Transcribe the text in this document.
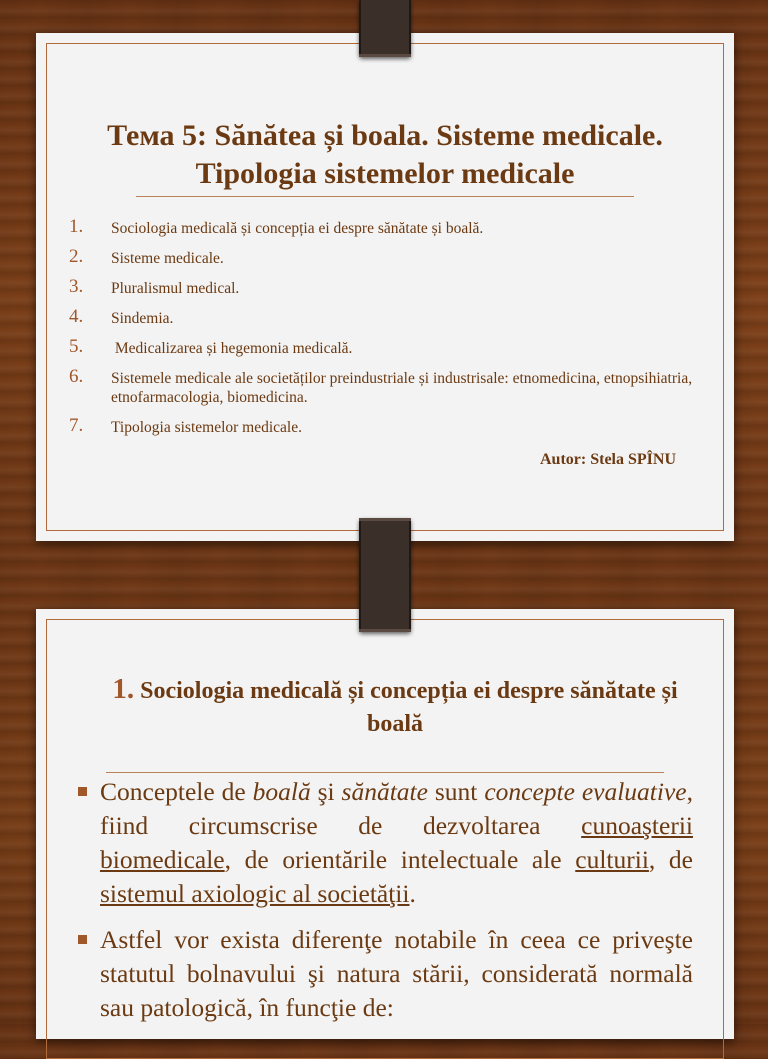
Тема 5: Sănătea și boala. Sisteme medicale. Tipologia sistemelor medicale
1. Sociologia medicală și concepția ei despre sănătate și boală.
2. Sisteme medicale.
3. Pluralismul medical.
4. Sindemia.
5. Medicalizarea și hegemonia medicală.
6. Sistemele medicale ale societăților preindustriale și industrisale: etnomedicina, etnopsihiatria, etnofarmacologia, biomedicina.
7. Tipologia sistemelor medicale.
Autor: Stela SPÎNU
1. Sociologia medicală și concepția ei despre sănătate și boală
Conceptele de boală şi sănătate sunt concepte evaluative, fiind circumscrise de dezvoltarea cunoaşterii biomedicale, de orientările intelectuale ale culturii, de sistemul axiologic al societăţii.
Astfel vor exista diferenţe notabile în ceea ce priveşte statutul bolnavului şi natura stării, considerată normală sau patologică, în funcţie de:
